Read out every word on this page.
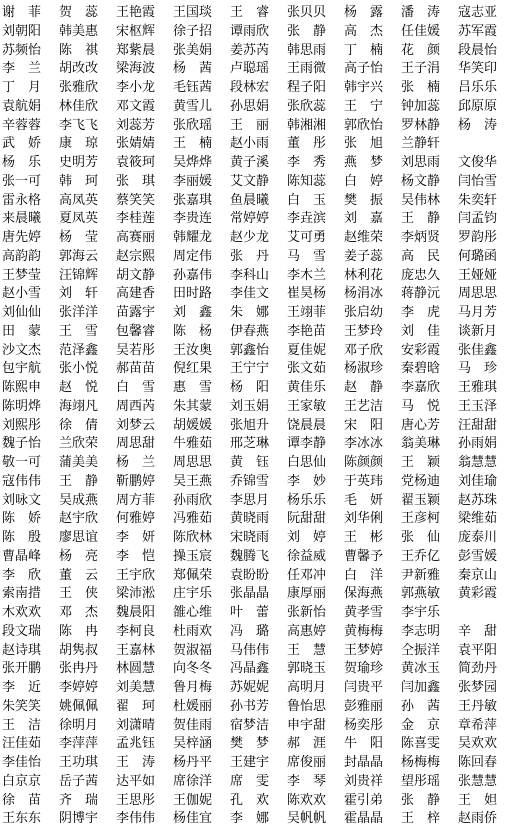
谢　菲	贺　蕊	王艳霞	王国琰	王　睿	张贝贝	杨　露	潘　涛	寇志亚
刘朝阳	韩美惠	宋枢辉	徐子招	谭雨欣	张　静	高　杰	任佳媛	苏军霞
苏频怡	陈　祺	郑紫晨	张美娟	姜苏芮	韩思雨	丁　楠	花　颜	段晨怡
李　兰	胡改改	梁海波	杨　茜	卢聪瑶	王雨微	高子怡	王子涓	华笑印
丁　月	张雅欣	李小龙	毛钰茜	段林宏	程子阳	韩宇兴	张　楠	吕乐乐
袁航娟	林佳欣	邓文霞	黄雪儿	孙思娟	张欣蕊	王　宁	钟加蕊	邱原原
辛蓉蓉	李飞飞	刘蕊芳	张欣瑶	王　丽	韩湘湘	郭欣怡	罗林静	杨　涛
武　娇	康　琼	张婧婧	王　楠	赵小雨	董　彤	张　旭	兰静轩
杨　乐	史明芳	袁筱珂	吴烨烨	黄子溪	李　秀	燕　梦	刘思雨	文俊华
张一可	韩　珂	张　琪	李丽媛	艾文静	陈知蕊	白　婷	杨文静	闫怡雪
雷永格	高凤英	蔡笑笑	张嘉琪	鱼晨曦	白　玉	樊　振	吴伟林	朱奕轩
来晨曦	夏凤英	李桂莲	李贵连	常婷婷	李垚滨	刘　嘉	王　静	闫孟钧
唐先婷	杨　莹	高赛丽	韩耀龙	赵少龙	艾可勇	赵维荣	李炳贤	罗韵彤
高韵韵	郭海云	赵宗熙	周定伟	张　丹	马　雪	姜子蕊	高　民	何璐函
王梦莹	汪锦辉	胡文静	孙嘉伟	李科山	李木兰	林利花	庞忠久	王娅娅
赵小雪	刘　轩	高建香	田时路	李佳文	崔昊杨	杨涓冰	蒋静沅	周思思
刘仙仙	张洋洋	苗露宇	刘　鑫	朱　娜	王翊菲	张启幼	李　虎	马月芳
田　蒙	王　雪	包馨睿	陈　杨	伊春燕	李艳苗	王梦玲	刘　佳	谈新月
沙文杰	范泽鑫	吴若彤	王汝奥	郭鑫怡	夏佳妮	邓子欣	安彩霞	张佳鑫
包宇航	张小悦	郝苗苗	倪红果	王宁宁	张文茹	杨淑珍	秦碧晗	马　珍
陈熙申	赵　悦	白　雪	惠　雪	杨　阳	黄佳乐	赵　静	李嘉欣	王雅琪
陈明烨	海翊凡	周西芮	朱其蒙	刘玉娟	王家敏	王艺洁	马　悦	王玉泽
刘熙彤	徐　倩	刘梦云	胡媛媛	张旭升	饶晨晨	宋　阳	唐心芳	汪甜甜
魏子怡	兰欣荣	周思甜	牛雅茹	邢芝琳	谭李静	李冰冰	翁美琳	孙雨娟
敬一可	蒲美美	杨　兰	周思思	黄　钰	白思仙	陈颜颜	王　颖	翁慧慧
寇伟伟	王　静	靳鹏婷	吴王燕	乔锦雪	李　妙	于英玮	党杨迪	刘佳瑜
刘咏文	吴成燕	周方菲	孙雨欣	李思月	杨乐乐	毛　妍	翟玉颖	赵苏珠
陈　娇	赵宇欣	何雅婷	冯雅茹	黄晓雨	阮甜甜	刘华俐	王彦柯	梁维茹
陈　殷	廖思谊	李　妍	陈欣林	宋晓雨	刘　婷	王　彬	张　仙	庞泰川
曹晶峰	杨　亮	李　恺	操玉宸	魏腾飞	徐益威	曹馨予	王乔亿	彭雪媛
李　欣	董　云	王宇欣	郑佩荣	袁盼盼	任邓冲	白　洋	尹新雅	秦京山
索南措	王　侠	梁沛淞	庄宇乐	张晶晶	康厚丽	保海燕	郭燕敏	黄彩霞
木欢欢	邓　杰	魏晨阳	雒心维	叶　蕾	张新怡	黄孝雪	李宇乐
段文瑞	陈　冉	李柯良	杜雨欢	冯　璐	高惠婷	黄梅梅	李志明	辛　甜
赵诗琪	胡隽叔	王嘉林	贺淑福	马伟伟	王　慧	王梦婷	仝振洋	袁平阳
张开鹏	张冉丹	林圆慧	向冬冬	冯晶鑫	郭晓玉	贺瑜珍	黄冰玉	简劲丹
李　近	李婷婷	刘美慧	鲁月梅	苏妮妮	高明月	闫贵平	闫加鑫	张梦园
朱笑笑	姚佩佩	翟　珂	杜媛丽	孙书芳	鲁怡思	彭雅丽	孙　茜	王丹敏
王　洁	徐明月	刘潇晴	贺佳雨	宿梦洁	申宇甜	杨奕彤	金　京	章希萍
汪佳茹	李萍萍	孟兆钰	吴梓涵	樊　梦	郝　涯	牛　阳	陈喜雯	吴欢欢
李佳怡	王功琪	王　涛	杨丹平	王建宇	席俊丽	封晶晶	杨梅梅	陈回春
白京京	岳子茜	达平如	席徐洋	席　雯	李　琴	刘贵祥	望彤瑶	张慧慧
徐　苗	齐　瑞	王思彤	王伽妮	孔　欢	陈欢欢	霍引弟	张　静	王　妲
王东东	阴博宇	李伟伟	杨佳宜	李　娜	吴帆帆	霍晶晶	王　梓	赵雨侨
